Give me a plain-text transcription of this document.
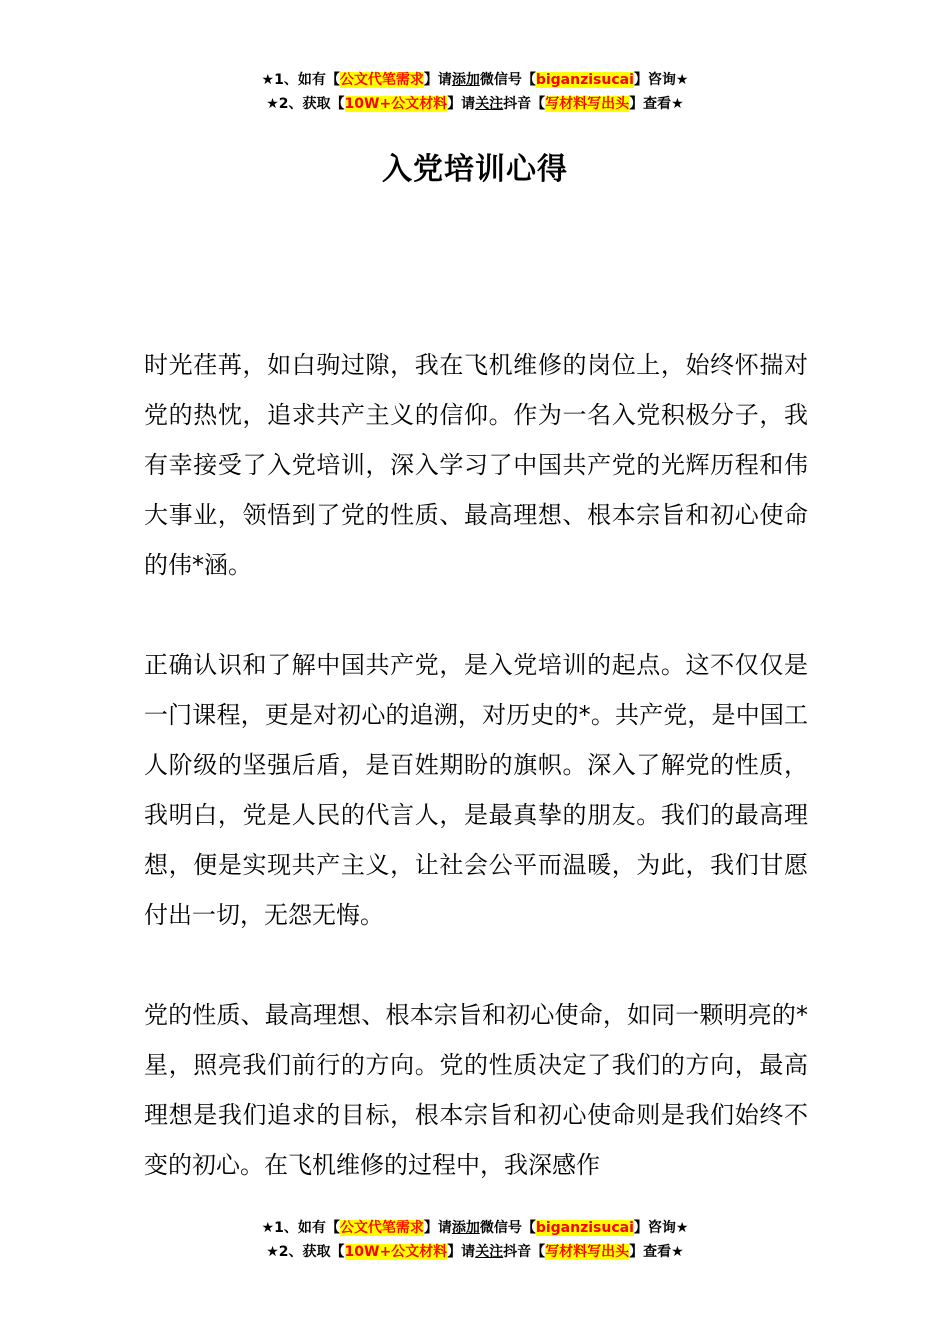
★1、如有【公文代笔需求】请添加微信号【biganzisucai】咨询★
★2、获取【10W+公文材料】请关注抖音【写材料写出头】查看★
入党培训心得

时光荏苒，如白驹过隙，我在飞机维修的岗位上，始终怀揣对党的热忱，追求共产主义的信仰。作为一名入党积极分子，我有幸接受了入党培训，深入学习了中国共产党的光辉历程和伟大事业，领悟到了党的性质、最高理想、根本宗旨和初心使命的伟*涵。

正确认识和了解中国共产党，是入党培训的起点。这不仅仅是一门课程，更是对初心的追溯，对历史的*。共产党，是中国工人阶级的坚强后盾，是百姓期盼的旗帜。深入了解党的性质，我明白，党是人民的代言人，是最真挚的朋友。我们的最高理想，便是实现共产主义，让社会公平而温暖，为此，我们甘愿付出一切，无怨无悔。

党的性质、最高理想、根本宗旨和初心使命，如同一颗明亮的*星，照亮我们前行的方向。党的性质决定了我们的方向，最高理想是我们追求的目标，根本宗旨和初心使命则是我们始终不变的初心。在飞机维修的过程中，我深感作

★1、如有【公文代笔需求】请添加微信号【biganzisucai】咨询★
★2、获取【10W+公文材料】请关注抖音【写材料写出头】查看★
